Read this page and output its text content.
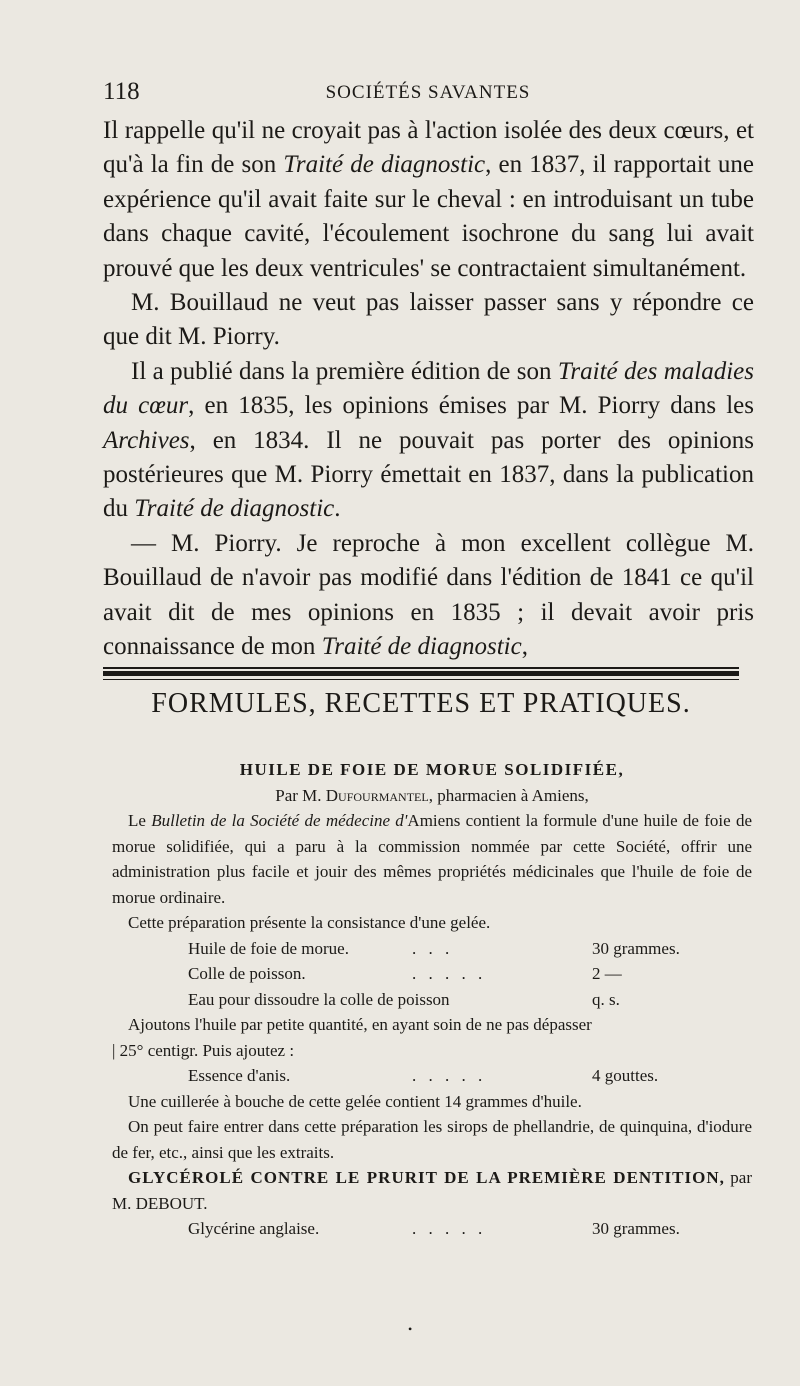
118	SOCIÉTÉS SAVANTES

Il rappelle qu'il ne croyait pas à l'action isolée des deux cœurs, et qu'à la fin de son Traité de diagnostic, en 1837, il rapportait une expérience qu'il avait faite sur le cheval : en introduisant un tube dans chaque cavité, l'écoulement isochrone du sang lui avait prouvé que les deux ventricules' se contractaient simultanément.

M. Bouillaud ne veut pas laisser passer sans y répondre ce que dit M. Piorry.

Il a publié dans la première édition de son Traité des maladies du cœur, en 1835, les opinions émises par M. Piorry dans les Archives, en 1834. Il ne pouvait pas porter des opinions postérieures que M. Piorry émettait en 1837, dans la publication du Traité de diagnostic.

— M. Piorry. Je reproche à mon excellent collègue M. Bouillaud de n'avoir pas modifié dans l'édition de 1841 ce qu'il avait dit de mes opinions en 1835 ; il devait avoir pris connaissance de mon Traité de diagnostic,

FORMULES, RECETTES ET PRATIQUES.

HUILE DE FOIE DE MORUE SOLIDIFIÉE,

Par M. Dufourmantel, pharmacien à Amiens,

Le Bulletin de la Société de médecine d'Amiens contient la formule d'une huile de foie de morue solidifiée, qui a paru à la commission nommée par cette Société, offrir une administration plus facile et jouir des mêmes propriétés médicinales que l'huile de foie de morue ordinaire.

Cette préparation présente la consistance d'une gelée.

Huile de foie de morue.	. . .	30 grammes.
Colle de poisson.	. . . . .	2 —
Eau pour dissoudre la colle de poisson	q. s.

Ajoutons l'huile par petite quantité, en ayant soin de ne pas dépasser

| 25° centigr. Puis ajoutez :

Essence d'anis.	. . . . .	4 gouttes.

Une cuillerée à bouche de cette gelée contient 14 grammes d'huile.

On peut faire entrer dans cette préparation les sirops de phellandrie, de quinquina, d'iodure de fer, etc., ainsi que les extraits.

GLYCÉROLÉ CONTRE LE PRURIT DE LA PREMIÈRE DENTITION, par M. DEBOUT.

Glycérine anglaise.	. . . . .	30 grammes.
•
